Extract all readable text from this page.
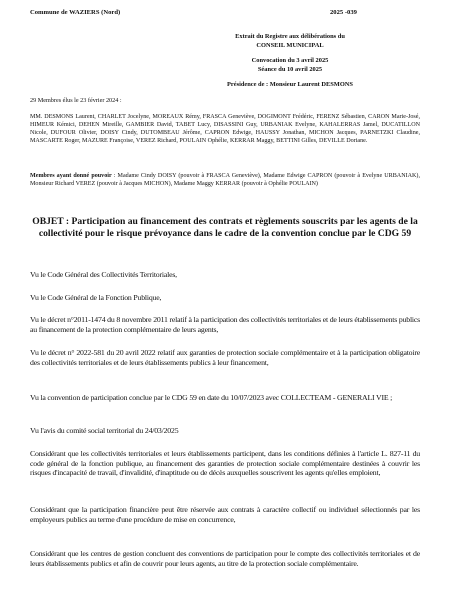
Commune de WAZIERS (Nord)	2025 -039
Extrait du Registre aux délibérations du
CONSEIL MUNICIPAL
Convocation du 3 avril 2025
Séance du 10 avril 2025
Présidence de : Monsieur Laurent DESMONS
29 Membres élus le 23 février 2024 :
MM. DESMONS Laurent, CHARLET Jocelyne, MOREAUX Rémy, FRASCA Geneviève, DOGIMONT Frédéric, FERENZ Sébastien, CARON Marie-José, HIMEUR Kémici, DEHEN Mireille, GAMBIER David, TABET Lucy, DISASSINI Guy, URBANIAK Evelyne, KAHALERRAS Jamel, DUCATILLON Nicole, DUFOUR Olivier, DOISY Cindy, DUTOMBEAU Jérôme, CAPRON Edwige, HAUSSY Jonathan, MICHON Jacques, PARNETZKI Claudine, MASCARTE Roger, MAZURE Françoise, VEREZ Richard, POULAIN Ophélie, KERRAR Maggy, BETTINI Gilles, DEVILLE Doriane.
Membres ayant donné pouvoir : Madame Cindy DOISY (pouvoir à FRASCA Geneviève), Madame Edwige CAPRON (pouvoir à Evelyne URBANIAK), Monsieur Richard VEREZ (pouvoir à Jacques MICHON), Madame Maggy KERRAR (pouvoir à Ophélie POULAIN)
OBJET : Participation au financement des contrats et règlements souscrits par les agents de la collectivité pour le risque prévoyance dans le cadre de la convention conclue par le CDG 59
Vu le Code Général des Collectivités Territoriales,
Vu le Code Général de la Fonction Publique,
Vu le décret n°2011-1474 du 8 novembre 2011 relatif à la participation des collectivités territoriales et de leurs établissements publics au financement de la protection complémentaire de leurs agents,
Vu le décret n° 2022-581 du 20 avril 2022 relatif aux garanties de protection sociale complémentaire et à la participation obligatoire des collectivités territoriales et de leurs établissements publics à leur financement,
Vu la convention de participation conclue par le CDG 59 en date du 10/07/2023 avec COLLECTEAM - GENERALI VIE ;
Vu l'avis du comité social territorial du 24/03/2025
Considérant que les collectivités territoriales et leurs établissements participent, dans les conditions définies à l'article L. 827-11 du code général de la fonction publique, au financement des garanties de protection sociale complémentaire destinées à couvrir les risques d'incapacité de travail, d'invalidité, d'inaptitude ou de décès auxquelles souscrivent les agents qu'elles emploient,
Considérant que la participation financière peut être réservée aux contrats à caractère collectif ou individuel sélectionnés par les employeurs publics au terme d'une procédure de mise en concurrence,
Considérant que les centres de gestion concluent des conventions de participation pour le compte des collectivités territoriales et de leurs établissements publics et afin de couvrir pour leurs agents, au titre de la protection sociale complémentaire.
